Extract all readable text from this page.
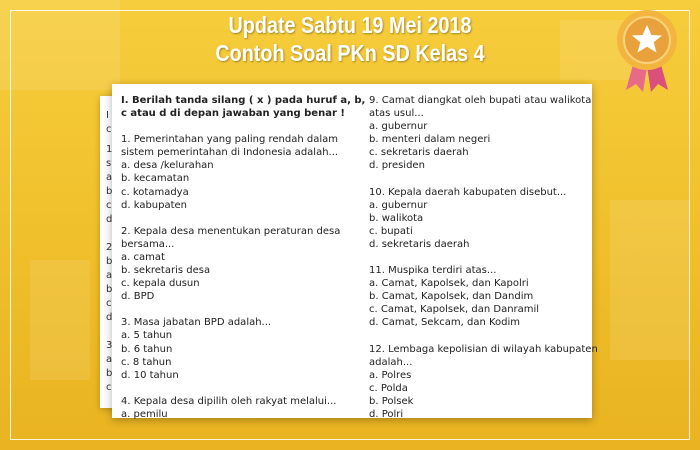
Update Sabtu 19 Mei 2018
Contoh Soal PKn SD Kelas 4
I
c
1
s
a
b
c
d
2
b
a
b
c
d
3
a
b
c
I. Berilah tanda silang ( x ) pada huruf a, b,
c atau d di depan jawaban yang benar !
1. Pemerintahan yang paling rendah dalam
sistem pemerintahan di Indonesia adalah...
a. desa /kelurahan
b. kecamatan
c. kotamadya
d. kabupaten
2. Kepala desa menentukan peraturan desa
bersama...
a. camat
b. sekretaris desa
c. kepala dusun
d. BPD
3. Masa jabatan BPD adalah...
a. 5 tahun
b. 6 tahun
c. 8 tahun
d. 10 tahun
4. Kepala desa dipilih oleh rakyat melalui...
a. pemilu
9. Camat diangkat oleh bupati atau walikota
atas usul...
a. gubernur
b. menteri dalam negeri
c. sekretaris daerah
d. presiden
10. Kepala daerah kabupaten disebut...
a. gubernur
b. walikota
c. bupati
d. sekretaris daerah
11. Muspika terdiri atas...
a. Camat, Kapolsek, dan Kapolri
b. Camat, Kapolsek, dan Dandim
c. Camat, Kapolsek, dan Danramil
d. Camat, Sekcam, dan Kodim
12. Lembaga kepolisian di wilayah kabupaten
adalah...
a. Polres
c. Polda
b. Polsek
d. Polri
